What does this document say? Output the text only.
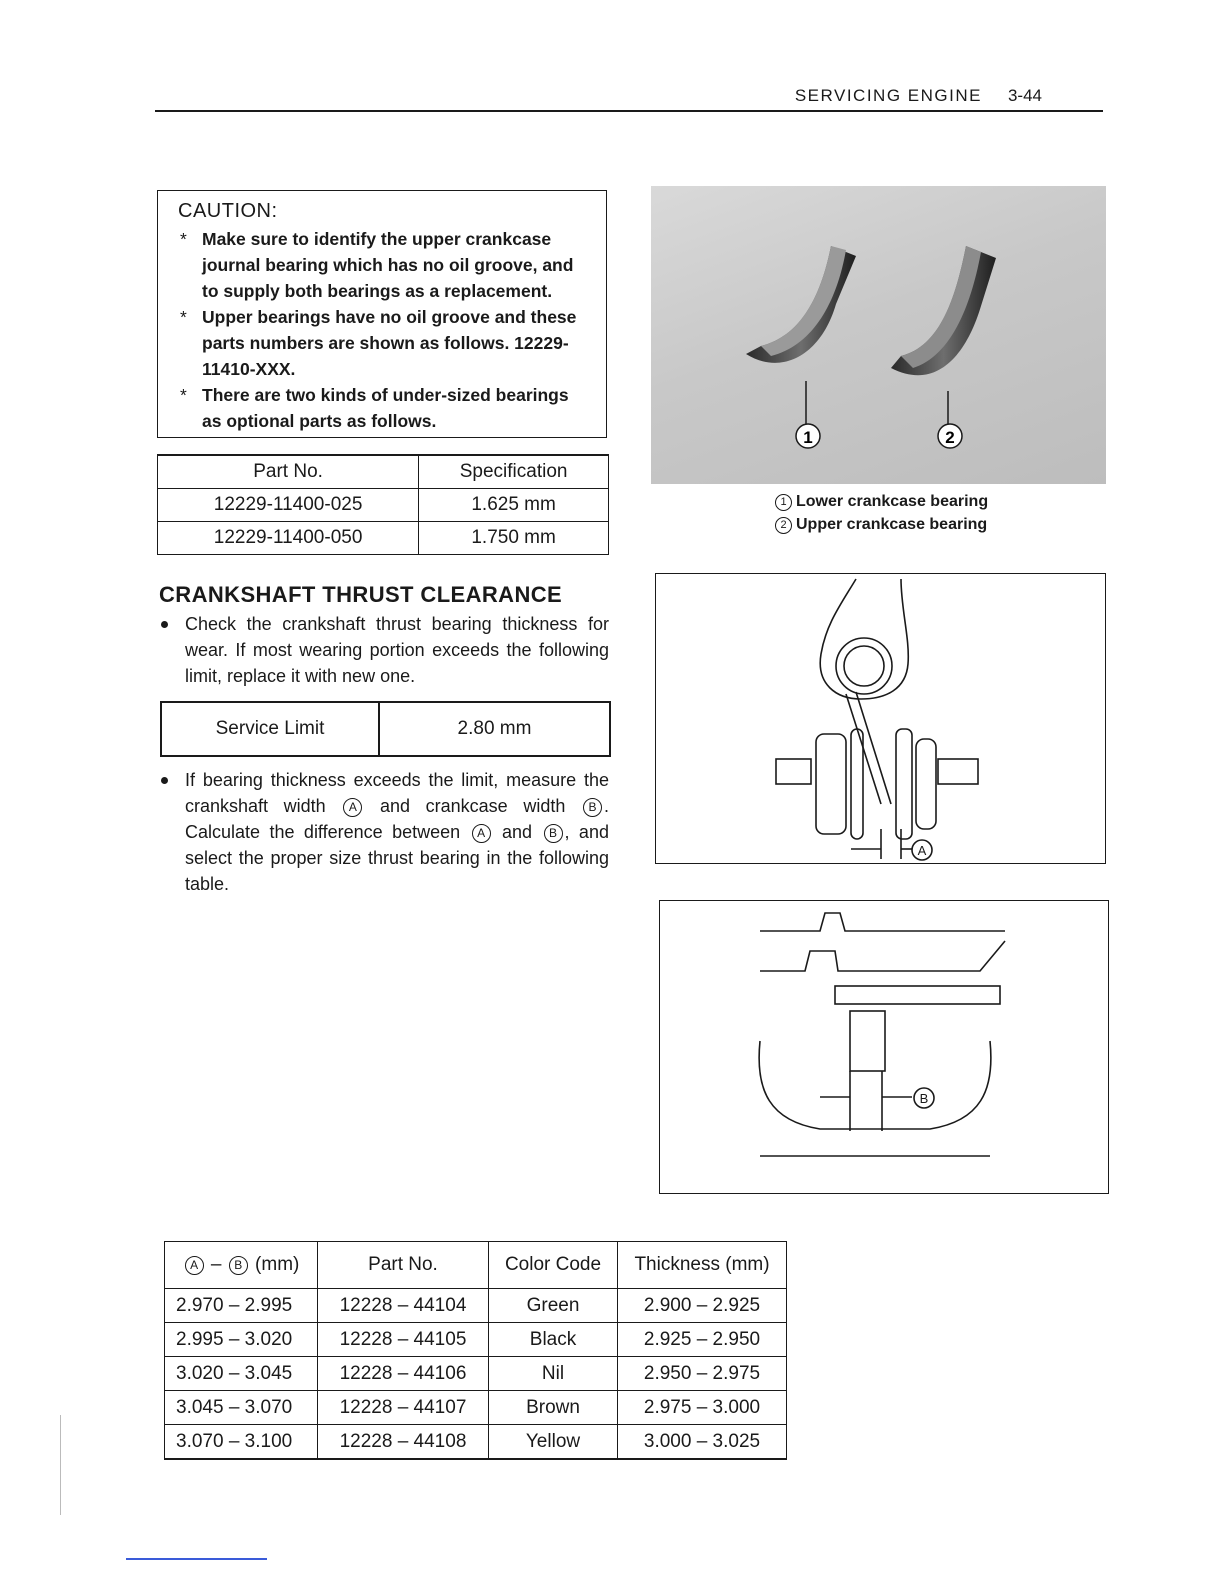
SERVICING ENGINE 3-44
CAUTION:
* Make sure to identify the upper crankcase journal bearing which has no oil groove, and to supply both bearings as a replacement.
* Upper bearings have no oil groove and these parts numbers are shown as follows. 12229-11410-XXX.
* There are two kinds of under-sized bearings as optional parts as follows.
Part No.	Specification
12229-11400-025	1.625 mm
12229-11400-050	1.750 mm
CRANKSHAFT THRUST CLEARANCE
Check the crankshaft thrust bearing thickness for wear. If most wearing portion exceeds the following limit, replace it with new one.
Service Limit	2.80 mm
If bearing thickness exceeds the limit, measure the crankshaft width A and crankcase width B . Calculate the difference between A and B , and select the proper size thrust bearing in the following table.
1	2
1 Lower crankcase bearing
2 Upper crankcase bearing
A
B
A – B (mm)	Part No.	Color Code	Thickness (mm)
2.970 – 2.995	12228 – 44104	Green	2.900 – 2.925
2.995 – 3.020	12228 – 44105	Black	2.925 – 2.950
3.020 – 3.045	12228 – 44106	Nil	2.950 – 2.975
3.045 – 3.070	12228 – 44107	Brown	2.975 – 3.000
3.070 – 3.100	12228 – 44108	Yellow	3.000 – 3.025
